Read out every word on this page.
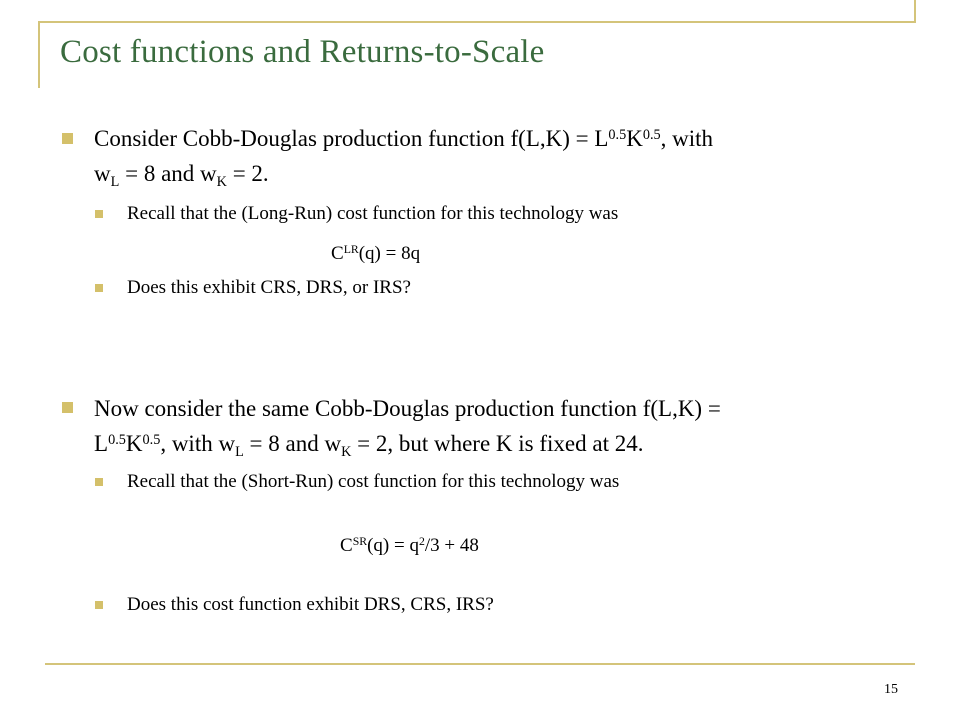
Cost functions and Returns-to-Scale
Consider Cobb-Douglas production function $f(L,K) = L^{0.5}K^{0.5}$, with
$w_L = 8$ and $w_K = 2$.
Recall that the (Long-Run) cost function for this technology was
$C^{LR}(q) = 8q$
Does this exhibit CRS, DRS, or IRS?
Now consider the same Cobb-Douglas production function f(L,K) =
$L^{0.5}K^{0.5}$, with $w_L = 8$ and $w_K = 2$, but where K is fixed at 24.
Recall that the (Short-Run) cost function for this technology was
$C^{SR}(q) = q^2/3 + 48$
Does this cost function exhibit DRS, CRS, IRS?
15
